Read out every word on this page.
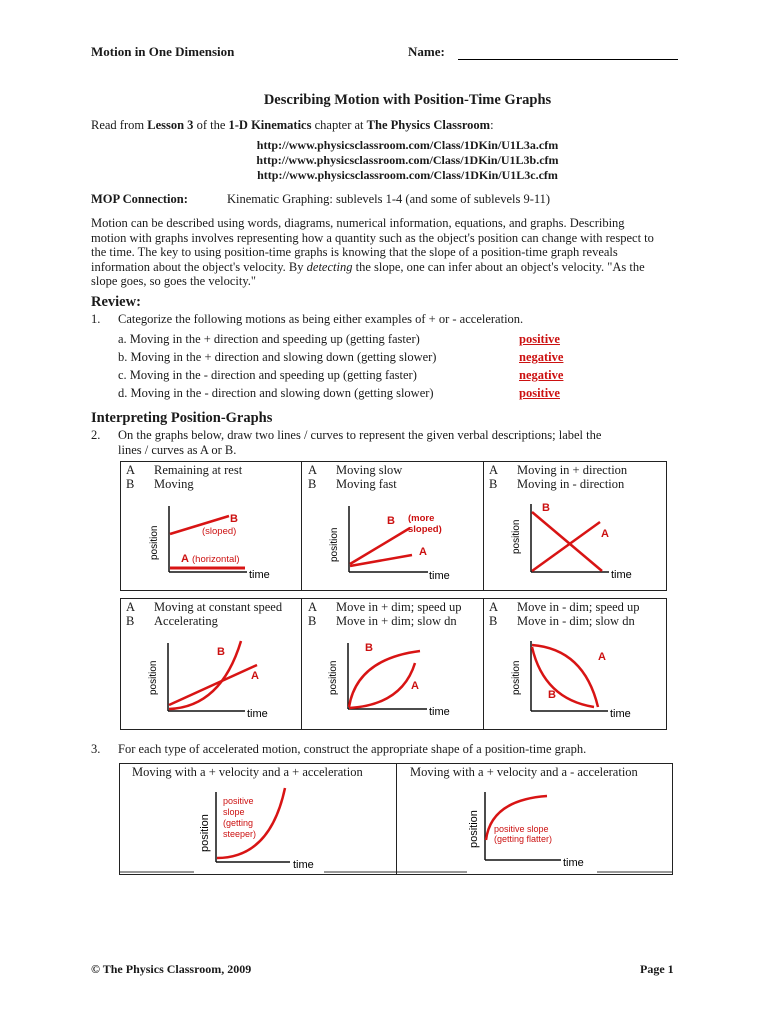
Motion in One Dimension	Name:
Describing Motion with Position-Time Graphs
Read from Lesson 3 of the 1-D Kinematics chapter at The Physics Classroom:
http://www.physicsclassroom.com/Class/1DKin/U1L3a.cfm
http://www.physicsclassroom.com/Class/1DKin/U1L3b.cfm
http://www.physicsclassroom.com/Class/1DKin/U1L3c.cfm
MOP Connection:	Kinematic Graphing: sublevels 1-4 (and some of sublevels 9-11)
Motion can be described using words, diagrams, numerical information, equations, and graphs. Describing
motion with graphs involves representing how a quantity such as the object's position can change with respect to
the time. The key to using position-time graphs is knowing that the slope of a position-time graph reveals
information about the object's velocity. By detecting the slope, one can infer about an object's velocity. "As the
slope goes, so goes the velocity."
Review:
1. Categorize the following motions as being either examples of + or - acceleration.
a. Moving in the + direction and speeding up (getting faster)	positive
b. Moving in the + direction and slowing down (getting slower)	negative
c. Moving in the - direction and speeding up (getting faster)	negative
d. Moving in the - direction and slowing down (getting slower)	positive
Interpreting Position-Graphs
2. On the graphs below, draw two lines / curves to represent the given verbal descriptions; label the
lines / curves as A or B.
A Remaining at rest
B Moving
position
time
B
(sloped)
A (horizontal)
A Moving slow
B Moving fast
position
time
B (more
sloped)
A
A Moving in + direction
B Moving in - direction
position
time
B
A
A Moving at constant speed
B Accelerating
position
time
B
A
A Move in + dim; speed up
B Move in + dim; slow dn
position
time
B
A
A Move in - dim; speed up
B Move in - dim; slow dn
position
time
A
B
3. For each type of accelerated motion, construct the appropriate shape of a position-time graph.
Moving with a + velocity and a + acceleration
position
time
positive
slope
(getting
steeper)
Moving with a + velocity and a - acceleration
position
time
positive slope
(getting flatter)
© The Physics Classroom, 2009	Page 1
